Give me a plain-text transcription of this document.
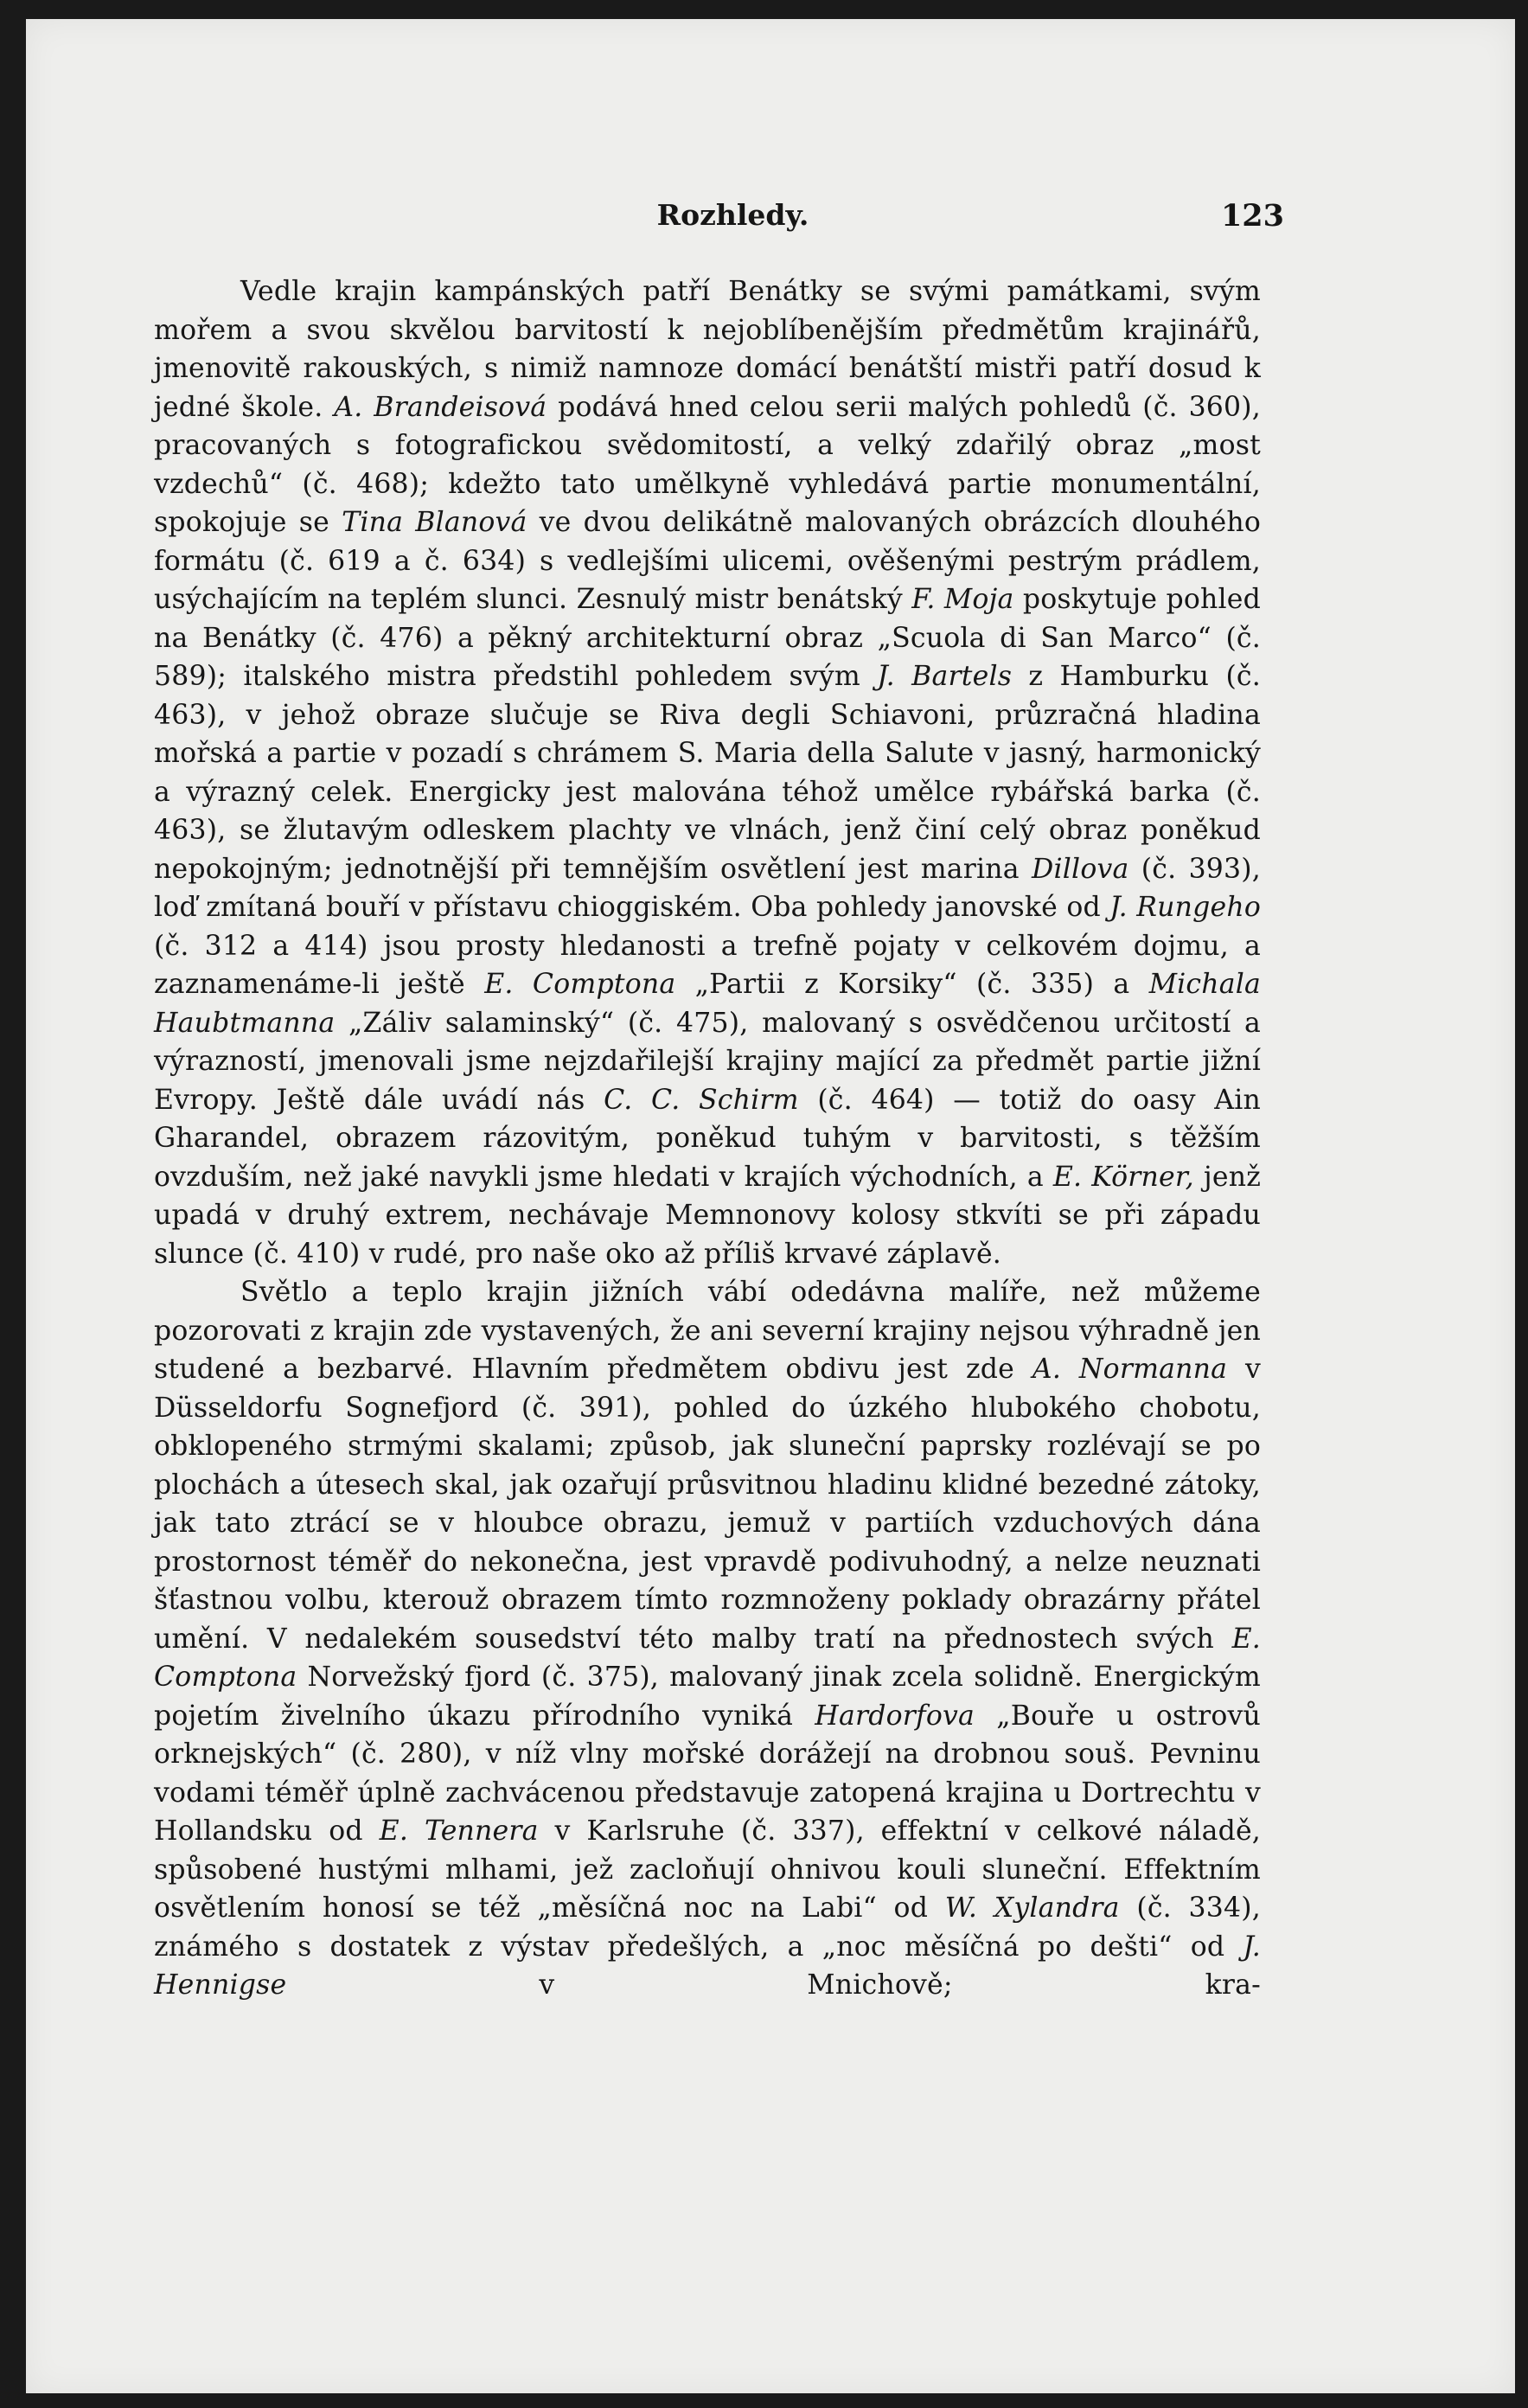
Rozhledy.	123

Vedle krajin kampánských patří Benátky se svými památkami, svým mořem a svou skvělou barvitostí k nejoblíbenějším předmětům krajinářů, jmenovitě rakouských, s nimiž namnoze domácí benátští mistři patří dosud k jedné škole. A. Brandeisová podává hned celou serii malých pohledů (č. 360), pracovaných s fotografickou svědomitostí, a velký zdařilý obraz „most vzdechů“ (č. 468); kdežto tato umělkyně vyhledává partie monumentální, spokojuje se Tina Blanová ve dvou delikátně malovaných obrázcích dlouhého formátu (č. 619 a č. 634) s vedlejšími ulicemi, ověšenými pestrým prádlem, usýchajícím na teplém slunci. Zesnulý mistr benátský F. Moja poskytuje pohled na Benátky (č. 476) a pěkný architekturní obraz „Scuola di San Marco“ (č. 589); italského mistra předstihl pohledem svým J. Bartels z Hamburku (č. 463), v jehož obraze slučuje se Riva degli Schiavoni, průzračná hladina mořská a partie v pozadí s chrámem S. Maria della Salute v jasný, harmonický a výrazný celek. Energicky jest malována téhož umělce rybářská barka (č. 463), se žlutavým odleskem plachty ve vlnách, jenž činí celý obraz poněkud nepokojným; jednotnější při temnějším osvětlení jest marina Dillova (č. 393), loď zmítaná bouří v přístavu chioggiském. Oba pohledy janovské od J. Rungeho (č. 312 a 414) jsou prosty hledanosti a trefně pojaty v celkovém dojmu, a zaznamenáme-li ještě E. Comptona „Partii z Korsiky“ (č. 335) a Michala Haubtmanna „Záliv salaminský“ (č. 475), malovaný s osvědčenou určitostí a výrazností, jmenovali jsme nejzdařilejší krajiny mající za předmět partie jižní Evropy. Ještě dále uvádí nás C. C. Schirm (č. 464) — totiž do oasy Ain Gharandel, obrazem rázovitým, poněkud tuhým v barvitosti, s těžším ovzduším, než jaké navykli jsme hledati v krajích východních, a E. Körner, jenž upadá v druhý extrem, nechávaje Memnonovy kolosy stkvíti se při západu slunce (č. 410) v rudé, pro naše oko až příliš krvavé záplavě.

Světlo a teplo krajin jižních vábí odedávna malíře, než můžeme pozorovati z krajin zde vystavených, že ani severní krajiny nejsou výhradně jen studené a bezbarvé. Hlavním předmětem obdivu jest zde A. Normanna v Düsseldorfu Sognefjord (č. 391), pohled do úzkého hlubokého chobotu, obklopeného strmými skalami; způsob, jak sluneční paprsky rozlévají se po plochách a útesech skal, jak ozařují průsvitnou hladinu klidné bezedné zátoky, jak tato ztrácí se v hloubce obrazu, jemuž v partiích vzduchových dána prostornost téměř do nekonečna, jest vpravdě podivuhodný, a nelze neuznati šťastnou volbu, kterouž obrazem tímto rozmnoženy poklady obrazárny přátel umění. V nedalekém sousedství této malby tratí na přednostech svých E. Comptona Norvežský fjord (č. 375), malovaný jinak zcela solidně. Energickým pojetím živelního úkazu přírodního vyniká Hardorfova „Bouře u ostrovů orknejských“ (č. 280), v níž vlny mořské dorážejí na drobnou souš. Pevninu vodami téměř úplně zachvácenou představuje zatopená krajina u Dortrechtu v Hollandsku od E. Tennera v Karlsruhe (č. 337), effektní v celkové náladě, spůsobené hustými mlhami, jež zacloňují ohnivou kouli sluneční. Effektním osvětlením honosí se též „měsíčná noc na Labi“ od W. Xylandra (č. 334), známého s dostatek z výstav předešlých, a „noc měsíčná po dešti“ od J. Hennigse v Mnichově; kra-
